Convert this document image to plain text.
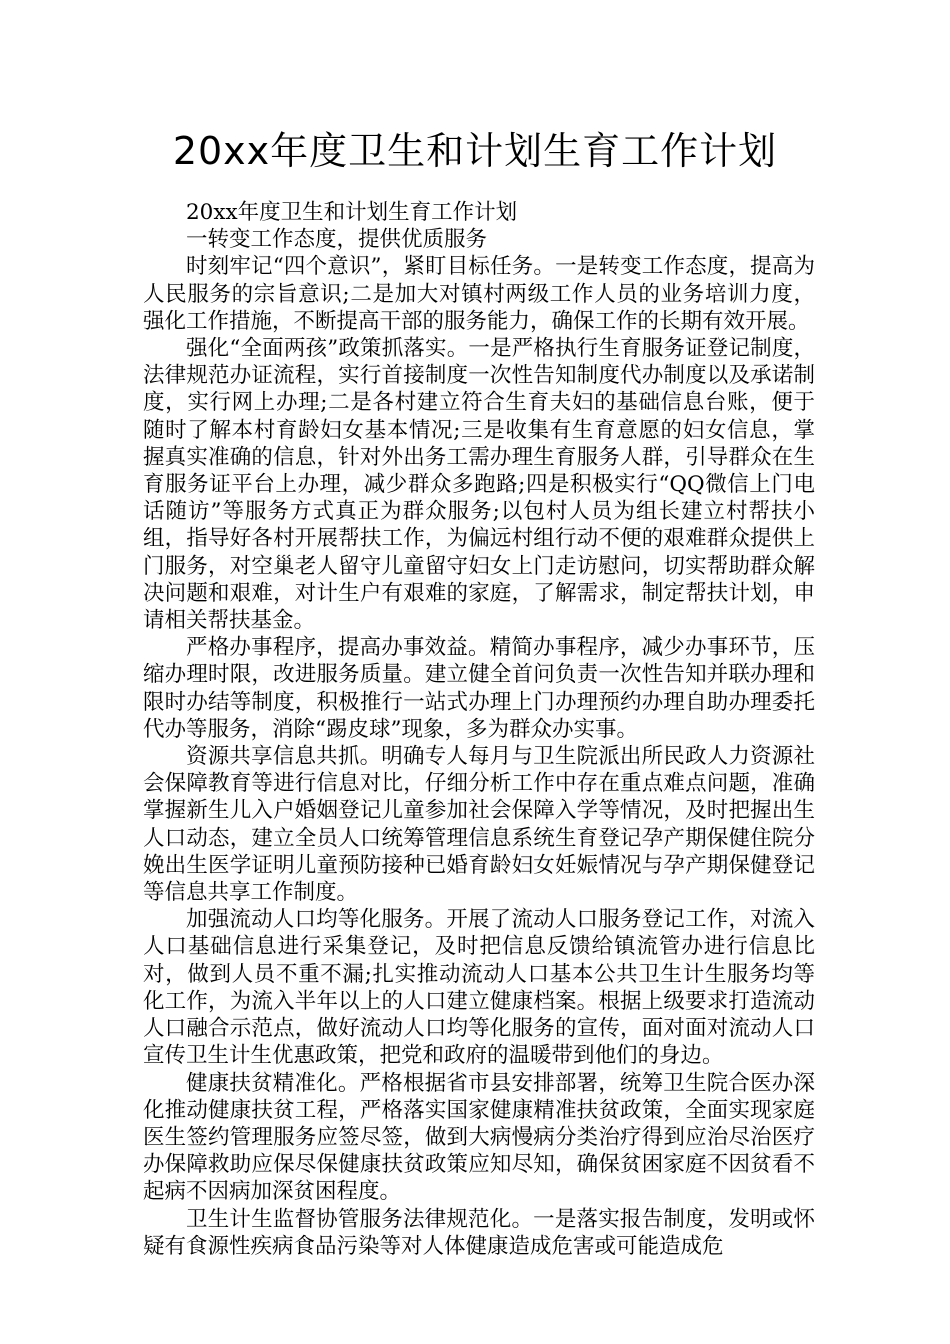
20xx年度卫生和计划生育工作计划

20xx年度卫生和计划生育工作计划

一转变工作态度，提供优质服务

时刻牢记“四个意识”，紧盯目标任务。一是转变工作态度，提高为人民服务的宗旨意识;二是加大对镇村两级工作人员的业务培训力度，强化工作措施，不断提高干部的服务能力，确保工作的长期有效开展。

强化“全面两孩”政策抓落实。一是严格执行生育服务证登记制度，法律规范办证流程，实行首接制度一次性告知制度代办制度以及承诺制度，实行网上办理;二是各村建立符合生育夫妇的基础信息台账，便于随时了解本村育龄妇女基本情况;三是收集有生育意愿的妇女信息，掌握真实准确的信息，针对外出务工需办理生育服务人群，引导群众在生育服务证平台上办理，减少群众多跑路;四是积极实行“QQ微信上门电话随访”等服务方式真正为群众服务;以包村人员为组长建立村帮扶小组，指导好各村开展帮扶工作，为偏远村组行动不便的艰难群众提供上门服务，对空巢老人留守儿童留守妇女上门走访慰问，切实帮助群众解决问题和艰难，对计生户有艰难的家庭，了解需求，制定帮扶计划，申请相关帮扶基金。

严格办事程序，提高办事效益。精简办事程序，减少办事环节，压缩办理时限，改进服务质量。建立健全首问负责一次性告知并联办理和限时办结等制度，积极推行一站式办理上门办理预约办理自助办理委托代办等服务，消除“踢皮球”现象，多为群众办实事。

资源共享信息共抓。明确专人每月与卫生院派出所民政人力资源社会保障教育等进行信息对比，仔细分析工作中存在重点难点问题，准确掌握新生儿入户婚姻登记儿童参加社会保障入学等情况，及时把握出生人口动态，建立全员人口统筹管理信息系统生育登记孕产期保健住院分娩出生医学证明儿童预防接种已婚育龄妇女妊娠情况与孕产期保健登记等信息共享工作制度。

加强流动人口均等化服务。开展了流动人口服务登记工作，对流入人口基础信息进行采集登记，及时把信息反馈给镇流管办进行信息比对，做到人员不重不漏;扎实推动流动人口基本公共卫生计生服务均等化工作，为流入半年以上的人口建立健康档案。根据上级要求打造流动人口融合示范点，做好流动人口均等化服务的宣传，面对面对流动人口宣传卫生计生优惠政策，把党和政府的温暖带到他们的身边。

健康扶贫精准化。严格根据省市县安排部署，统筹卫生院合医办深化推动健康扶贫工程，严格落实国家健康精准扶贫政策，全面实现家庭医生签约管理服务应签尽签，做到大病慢病分类治疗得到应治尽治医疗办保障救助应保尽保健康扶贫政策应知尽知，确保贫困家庭不因贫看不起病不因病加深贫困程度。

卫生计生监督协管服务法律规范化。一是落实报告制度，发明或怀疑有食源性疾病食品污染等对人体健康造成危害或可能造成危
